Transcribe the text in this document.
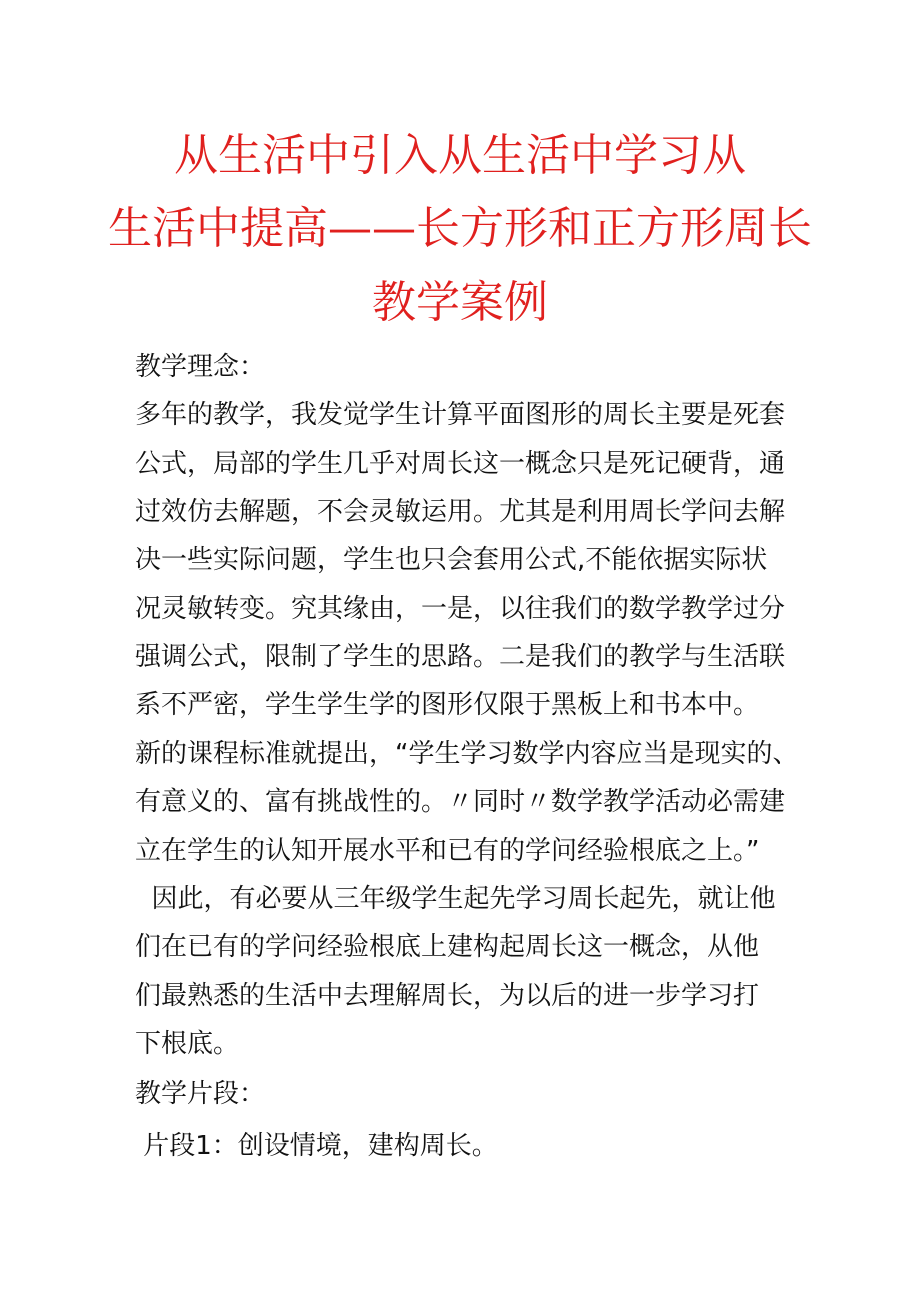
从生活中引入从生活中学习从
生活中提高——长方形和正方形周长
教学案例
教学理念：
多年的教学，我发觉学生计算平面图形的周长主要是死套
公式，局部的学生几乎对周长这一概念只是死记硬背，通
过效仿去解题，不会灵敏运用。尤其是利用周长学问去解
决一些实际问题，学生也只会套用公式,不能依据实际状
况灵敏转变。究其缘由，一是，以往我们的数学教学过分
强调公式，限制了学生的思路。二是我们的教学与生活联
系不严密，学生学生学的图形仅限于黑板上和书本中。
新的课程标准就提出，“学生学习数学内容应当是现实的、
有意义的、富有挑战性的。〃同时〃数学教学活动必需建
立在学生的认知开展水平和已有的学问经验根底之上。”
因此，有必要从三年级学生起先学习周长起先，就让他
们在已有的学问经验根底上建构起周长这一概念，从他
们最熟悉的生活中去理解周长，为以后的进一步学习打
下根底。
教学片段：
片段1：创设情境，建构周长。
